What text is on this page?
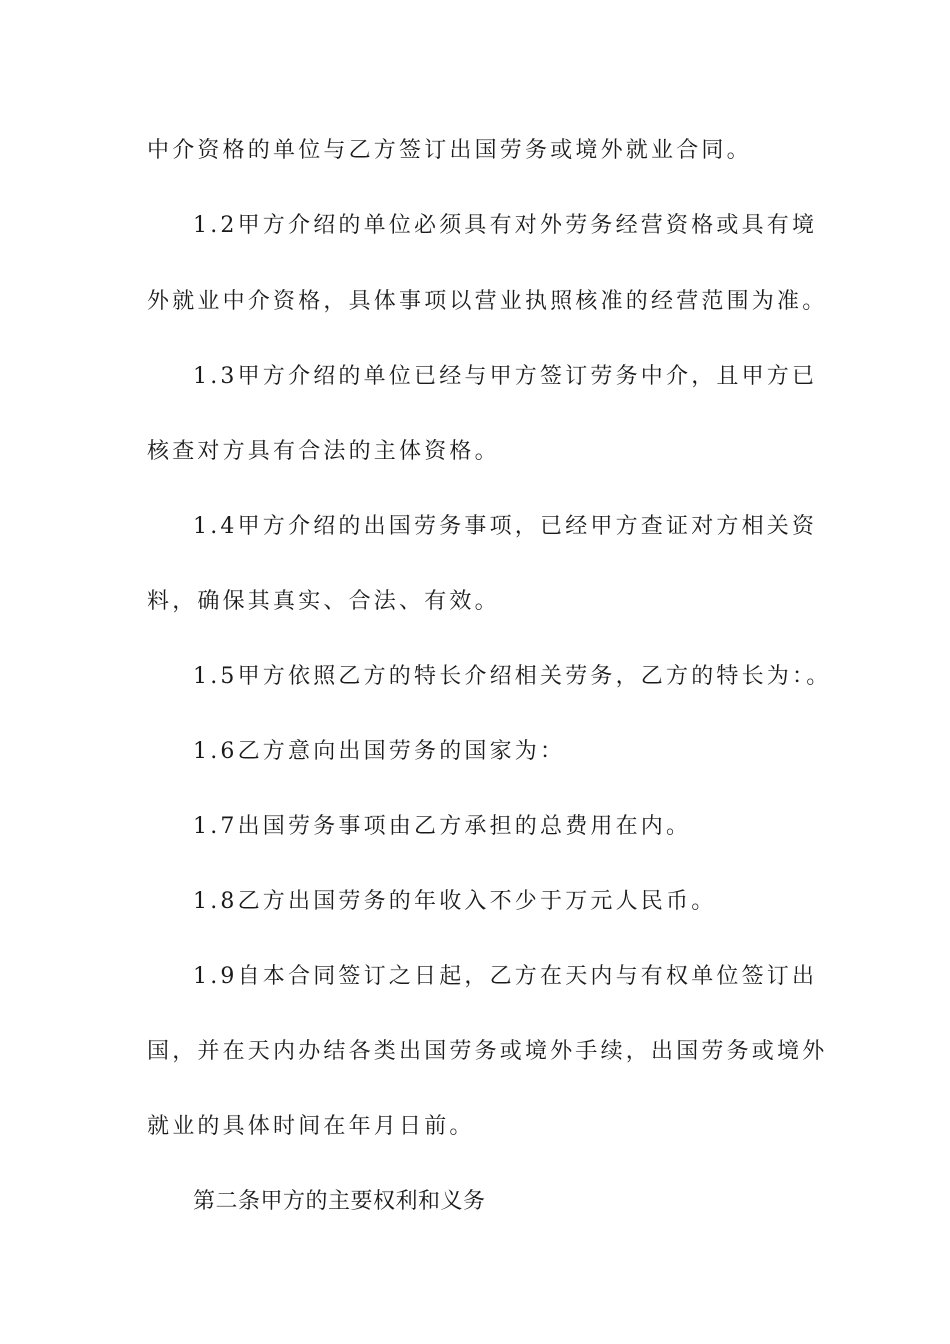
中介资格的单位与乙方签订出国劳务或境外就业合同。
1.2甲方介绍的单位必须具有对外劳务经营资格或具有境
外就业中介资格，具体事项以营业执照核准的经营范围为准。
1.3甲方介绍的单位已经与甲方签订劳务中介，且甲方已
核查对方具有合法的主体资格。
1.4甲方介绍的出国劳务事项，已经甲方查证对方相关资
料，确保其真实、合法、有效。
1.5甲方依照乙方的特长介绍相关劳务，乙方的特长为：。
1.6乙方意向出国劳务的国家为：
1.7出国劳务事项由乙方承担的总费用在内。
1.8乙方出国劳务的年收入不少于万元人民币。
1.9自本合同签订之日起，乙方在天内与有权单位签订出
国，并在天内办结各类出国劳务或境外手续，出国劳务或境外
就业的具体时间在年月日前。
第二条甲方的主要权利和义务
